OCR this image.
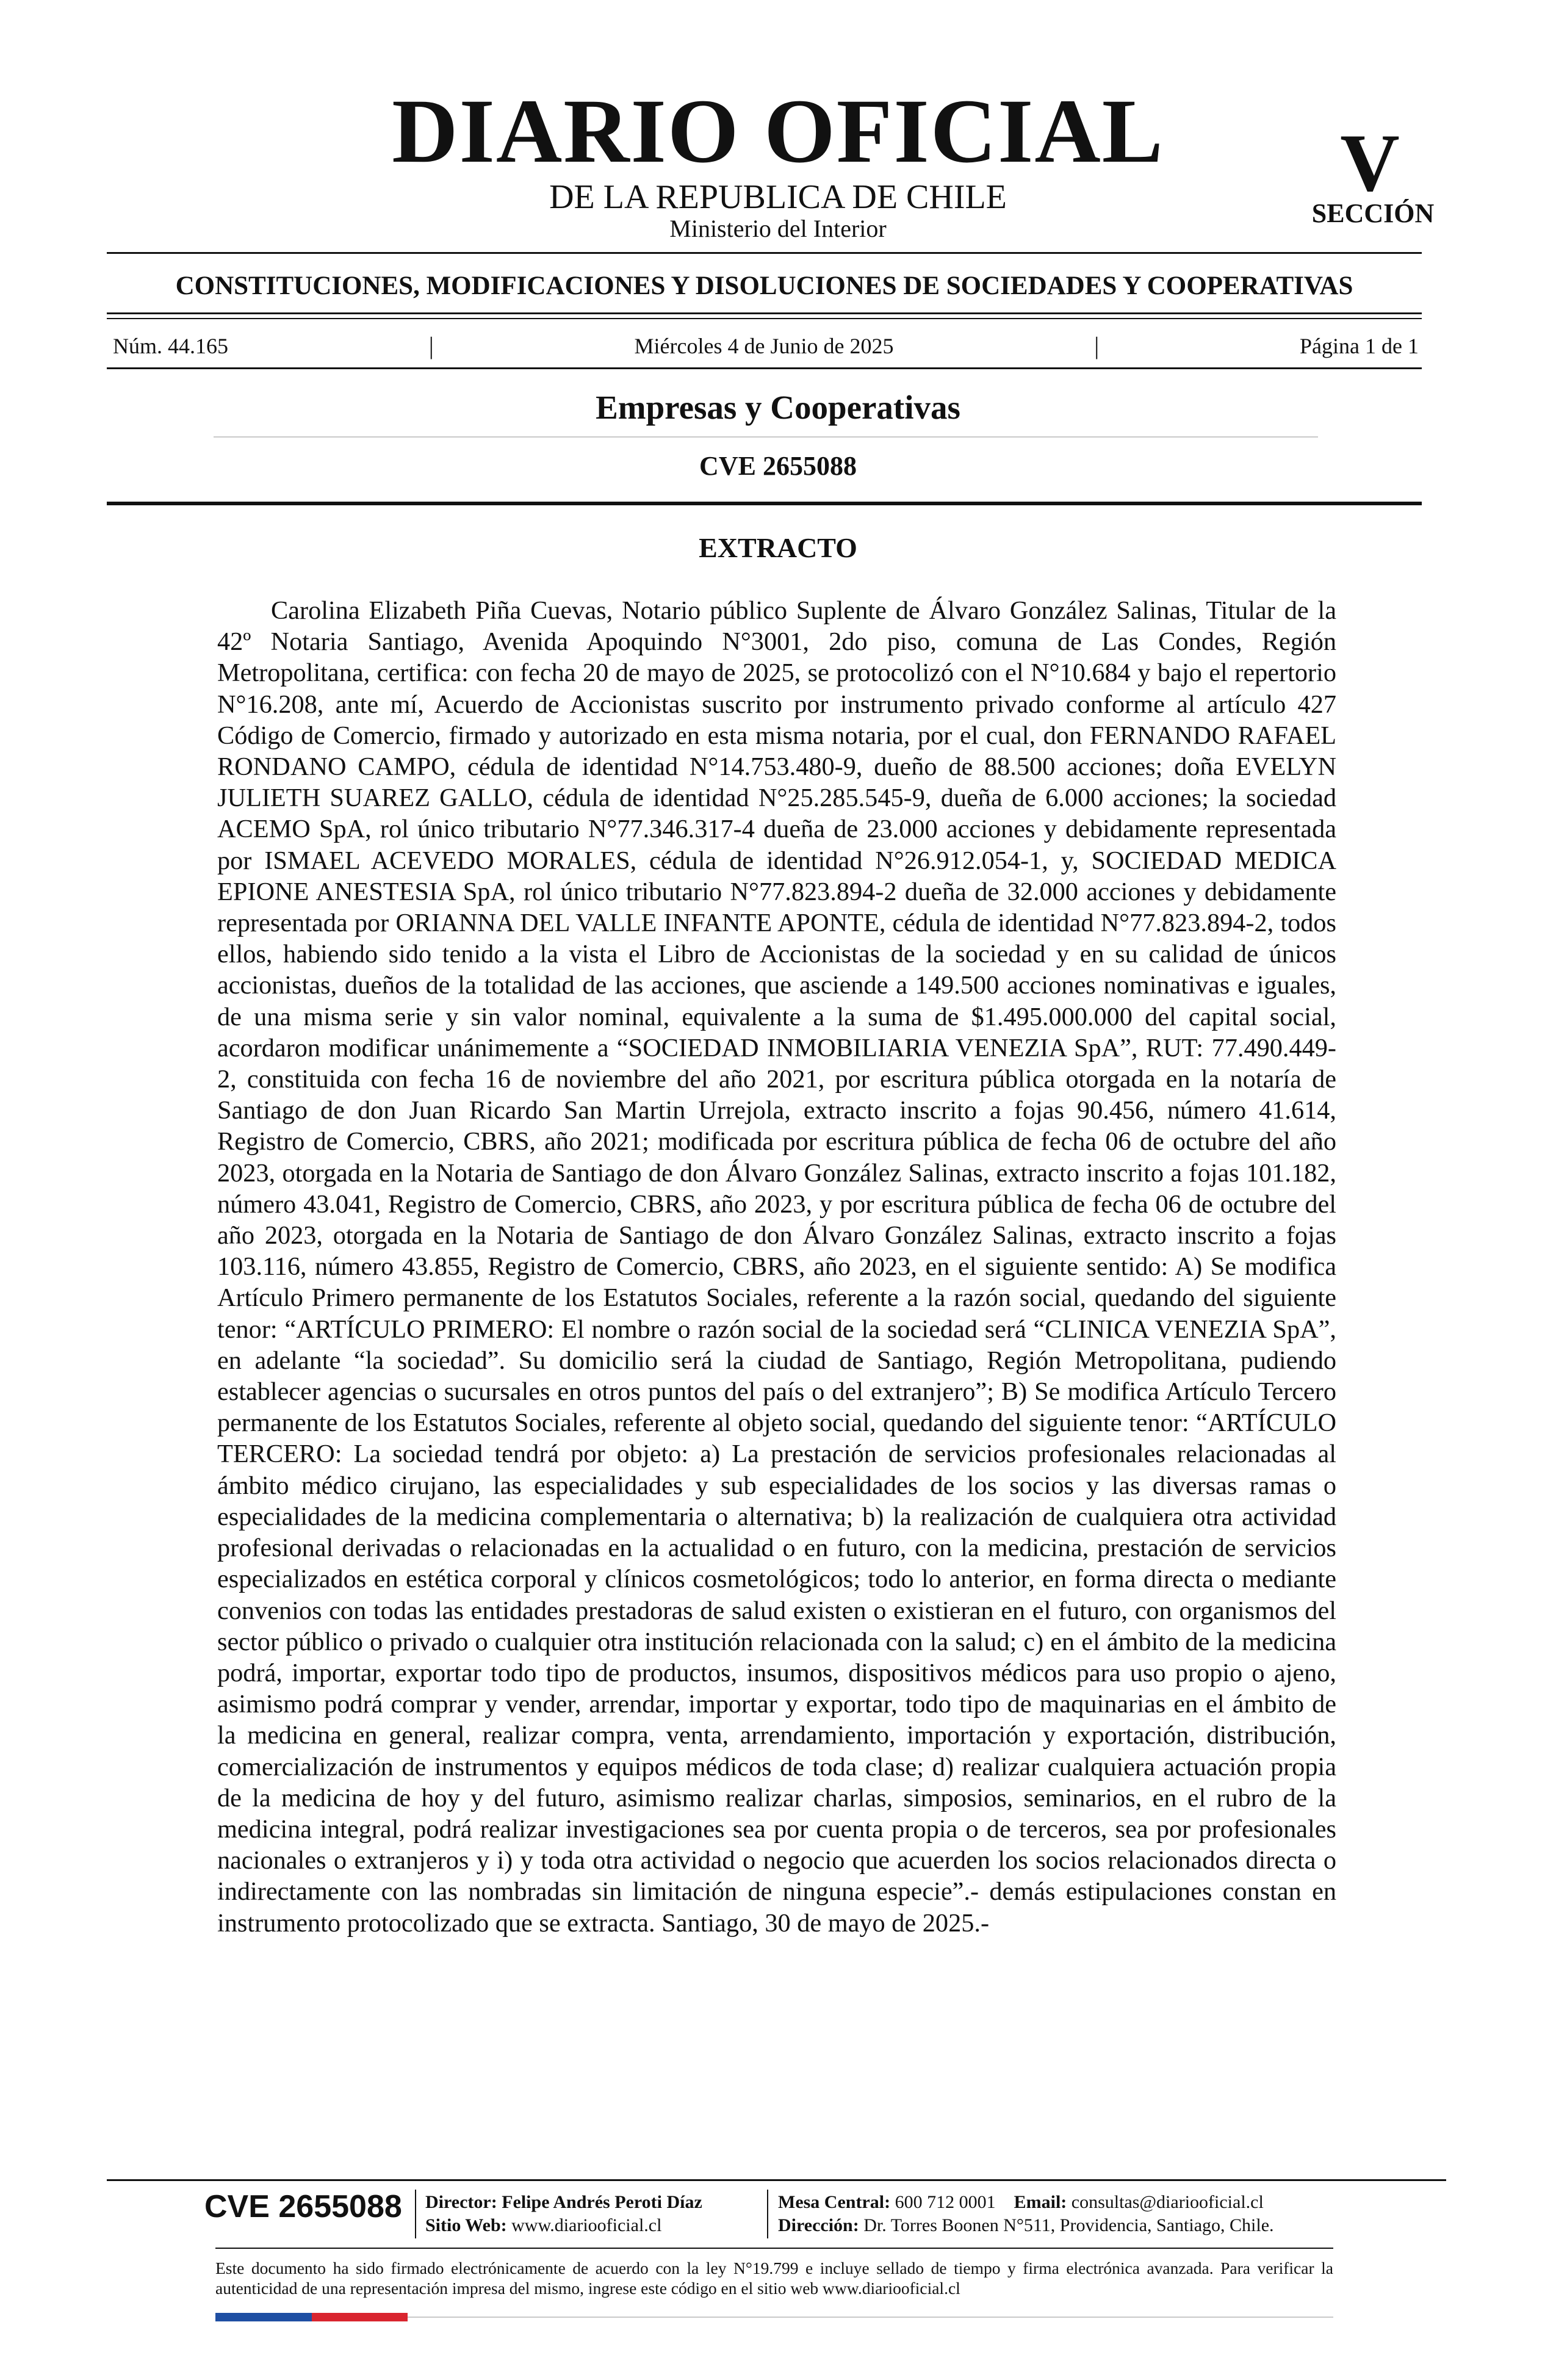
DIARIO OFICIAL
DE LA REPUBLICA DE CHILE
Ministerio del Interior
V
SECCIÓN
CONSTITUCIONES, MODIFICACIONES Y DISOLUCIONES DE SOCIEDADES Y COOPERATIVAS
Núm. 44.165	|	Miércoles 4 de Junio de 2025	|	Página 1 de 1
Empresas y Cooperativas
CVE 2655088
EXTRACTO
Carolina Elizabeth Piña Cuevas, Notario público Suplente de Álvaro González Salinas, Titular de la 42º Notaria Santiago, Avenida Apoquindo N°3001, 2do piso, comuna de Las Condes, Región Metropolitana, certifica: con fecha 20 de mayo de 2025, se protocolizó con el N°10.684 y bajo el repertorio N°16.208, ante mí, Acuerdo de Accionistas suscrito por instrumento privado conforme al artículo 427 Código de Comercio, firmado y autorizado en esta misma notaria, por el cual, don FERNANDO RAFAEL RONDANO CAMPO, cédula de identidad N°14.753.480-9, dueño de 88.500 acciones; doña EVELYN JULIETH SUAREZ GALLO, cédula de identidad N°25.285.545-9, dueña de 6.000 acciones; la sociedad ACEMO SpA, rol único tributario N°77.346.317-4 dueña de 23.000 acciones y debidamente representada por ISMAEL ACEVEDO MORALES, cédula de identidad N°26.912.054-1, y, SOCIEDAD MEDICA EPIONE ANESTESIA SpA, rol único tributario N°77.823.894-2 dueña de 32.000 acciones y debidamente representada por ORIANNA DEL VALLE INFANTE APONTE, cédula de identidad N°77.823.894-2, todos ellos, habiendo sido tenido a la vista el Libro de Accionistas de la sociedad y en su calidad de únicos accionistas, dueños de la totalidad de las acciones, que asciende a 149.500 acciones nominativas e iguales, de una misma serie y sin valor nominal, equivalente a la suma de $1.495.000.000 del capital social, acordaron modificar unánimemente a “SOCIEDAD INMOBILIARIA VENEZIA SpA”, RUT: 77.490.449-2, constituida con fecha 16 de noviembre del año 2021, por escritura pública otorgada en la notaría de Santiago de don Juan Ricardo San Martin Urrejola, extracto inscrito a fojas 90.456, número 41.614, Registro de Comercio, CBRS, año 2021; modificada por escritura pública de fecha 06 de octubre del año 2023, otorgada en la Notaria de Santiago de don Álvaro González Salinas, extracto inscrito a fojas 101.182, número 43.041, Registro de Comercio, CBRS, año 2023, y por escritura pública de fecha 06 de octubre del año 2023, otorgada en la Notaria de Santiago de don Álvaro González Salinas, extracto inscrito a fojas 103.116, número 43.855, Registro de Comercio, CBRS, año 2023, en el siguiente sentido: A) Se modifica Artículo Primero permanente de los Estatutos Sociales, referente a la razón social, quedando del siguiente tenor: “ARTÍCULO PRIMERO: El nombre o razón social de la sociedad será “CLINICA VENEZIA SpA”, en adelante “la sociedad”. Su domicilio será la ciudad de Santiago, Región Metropolitana, pudiendo establecer agencias o sucursales en otros puntos del país o del extranjero”; B) Se modifica Artículo Tercero permanente de los Estatutos Sociales, referente al objeto social, quedando del siguiente tenor: “ARTÍCULO TERCERO: La sociedad tendrá por objeto: a) La prestación de servicios profesionales relacionadas al ámbito médico cirujano, las especialidades y sub especialidades de los socios y las diversas ramas o especialidades de la medicina complementaria o alternativa; b) la realización de cualquiera otra actividad profesional derivadas o relacionadas en la actualidad o en futuro, con la medicina, prestación de servicios especializados en estética corporal y clínicos cosmetológicos; todo lo anterior, en forma directa o mediante convenios con todas las entidades prestadoras de salud existen o existieran en el futuro, con organismos del sector público o privado o cualquier otra institución relacionada con la salud; c) en el ámbito de la medicina podrá, importar, exportar todo tipo de productos, insumos, dispositivos médicos para uso propio o ajeno, asimismo podrá comprar y vender, arrendar, importar y exportar, todo tipo de maquinarias en el ámbito de la medicina en general, realizar compra, venta, arrendamiento, importación y exportación, distribución, comercialización de instrumentos y equipos médicos de toda clase; d) realizar cualquiera actuación propia de la medicina de hoy y del futuro, asimismo realizar charlas, simposios, seminarios, en el rubro de la medicina integral, podrá realizar investigaciones sea por cuenta propia o de terceros, sea por profesionales nacionales o extranjeros y i) y toda otra actividad o negocio que acuerden los socios relacionados directa o indirectamente con las nombradas sin limitación de ninguna especie”.- demás estipulaciones constan en instrumento protocolizado que se extracta. Santiago, 30 de mayo de 2025.-
CVE 2655088 Director: Felipe Andrés Peroti Díaz
Sitio Web: www.diariooficial.cl
Mesa Central: 600 712 0001 Email: consultas@diariooficial.cl
Dirección: Dr. Torres Boonen N°511, Providencia, Santiago, Chile.
Este documento ha sido firmado electrónicamente de acuerdo con la ley N°19.799 e incluye sellado de tiempo y firma electrónica avanzada. Para verificar la autenticidad de una representación impresa del mismo, ingrese este código en el sitio web www.diariooficial.cl
